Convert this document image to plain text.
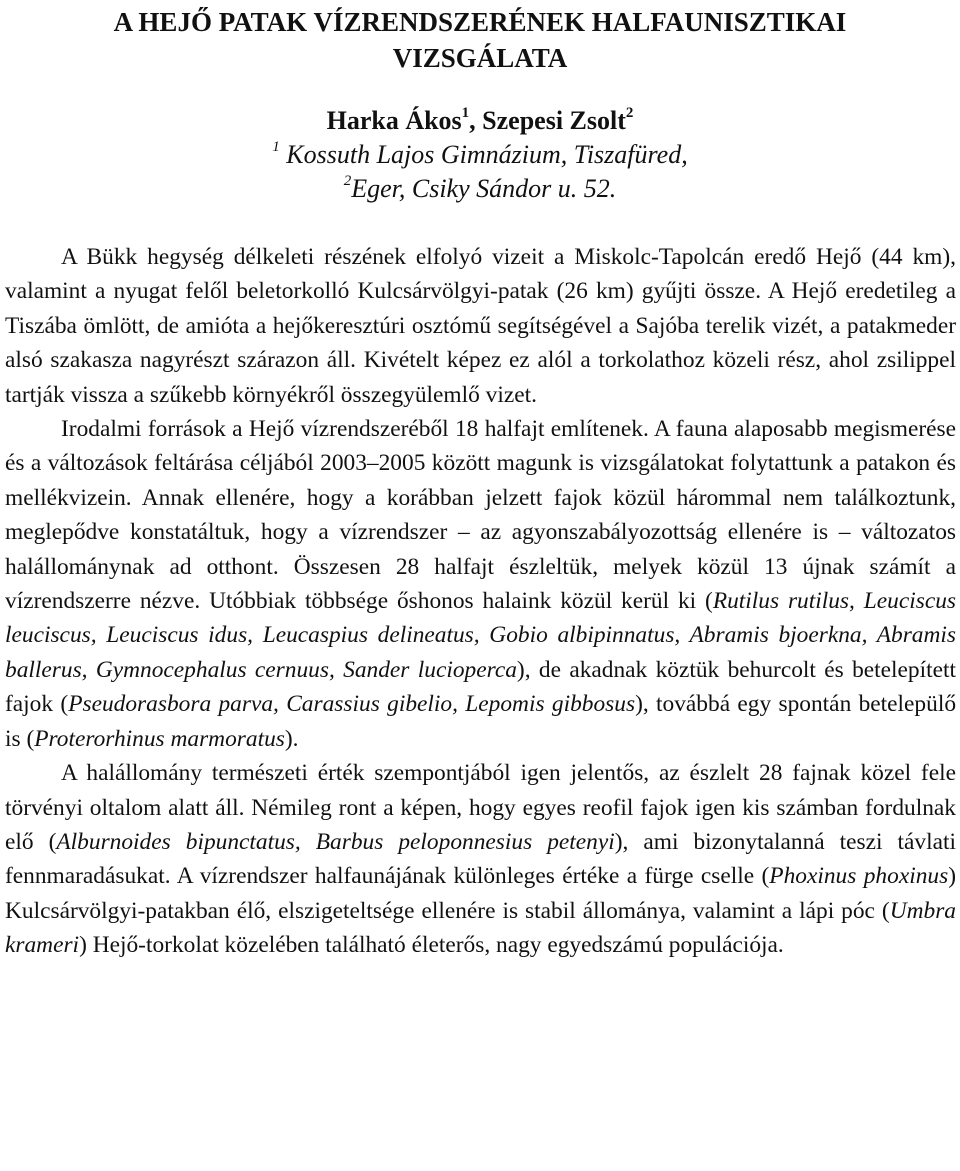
A HEJŐ PATAK VÍZRENDSZERÉNEK HALFAUNISZTIKAI
VIZSGÁLATA
Harka Ákos$^1$, Szepesi Zsolt$^2$
$^1$ Kossuth Lajos Gimnázium, Tiszafüred,
$^2$Eger, Csiky Sándor u. 52.

A Bükk hegység délkeleti részének elfolyó vizeit a Miskolc-Tapolcán eredő Hejő (44 km), valamint a nyugat felől beletorkolló Kulcsárvölgyi-patak (26 km) gyűjti össze. A Hejő eredetileg a Tiszába ömlött, de amióta a hejőkeresztúri osztómű segítségével a Sajóba terelik vizét, a patakmeder alsó szakasza nagyrészt szárazon áll. Kivételt képez ez alól a torkolathoz közeli rész, ahol zsilippel tartják vissza a szűkebb környékről összegyülemlő vizet.

Irodalmi források a Hejő vízrendszeréből 18 halfajt említenek. A fauna alaposabb megismerése és a változások feltárása céljából 2003–2005 között magunk is vizsgálatokat folytattunk a patakon és mellékvizein. Annak ellenére, hogy a korábban jelzett fajok közül hárommal nem találkoztunk, meglepődve konstatáltuk, hogy a vízrendszer – az agyonszabályozottság ellenére is – változatos halállománynak ad otthont. Összesen 28 halfajt észleltük, melyek közül 13 újnak számít a vízrendszerre nézve. Utóbbiak többsége őshonos halaink közül kerül ki (Rutilus rutilus, Leuciscus leuciscus, Leuciscus idus, Leucaspius delineatus, Gobio albipinnatus, Abramis bjoerkna, Abramis ballerus, Gymnocephalus cernuus, Sander lucioperca), de akadnak köztük behurcolt és betelepített fajok (Pseudorasbora parva, Carassius gibelio, Lepomis gibbosus), továbbá egy spontán betelepülő is (Proterorhinus marmoratus).

A halállomány természeti érték szempontjából igen jelentős, az észlelt 28 fajnak közel fele törvényi oltalom alatt áll. Némileg ront a képen, hogy egyes reofil fajok igen kis számban fordulnak elő (Alburnoides bipunctatus, Barbus peloponnesius petenyi), ami bizonytalanná teszi távlati fennmaradásukat. A vízrendszer halfaunájának különleges értéke a fürge cselle (Phoxinus phoxinus) Kulcsárvölgyi-patakban élő, elszigeteltsége ellenére is stabil állománya, valamint a lápi póc (Umbra krameri) Hejő-torkolat közelében található életerős, nagy egyedszámú populációja.
